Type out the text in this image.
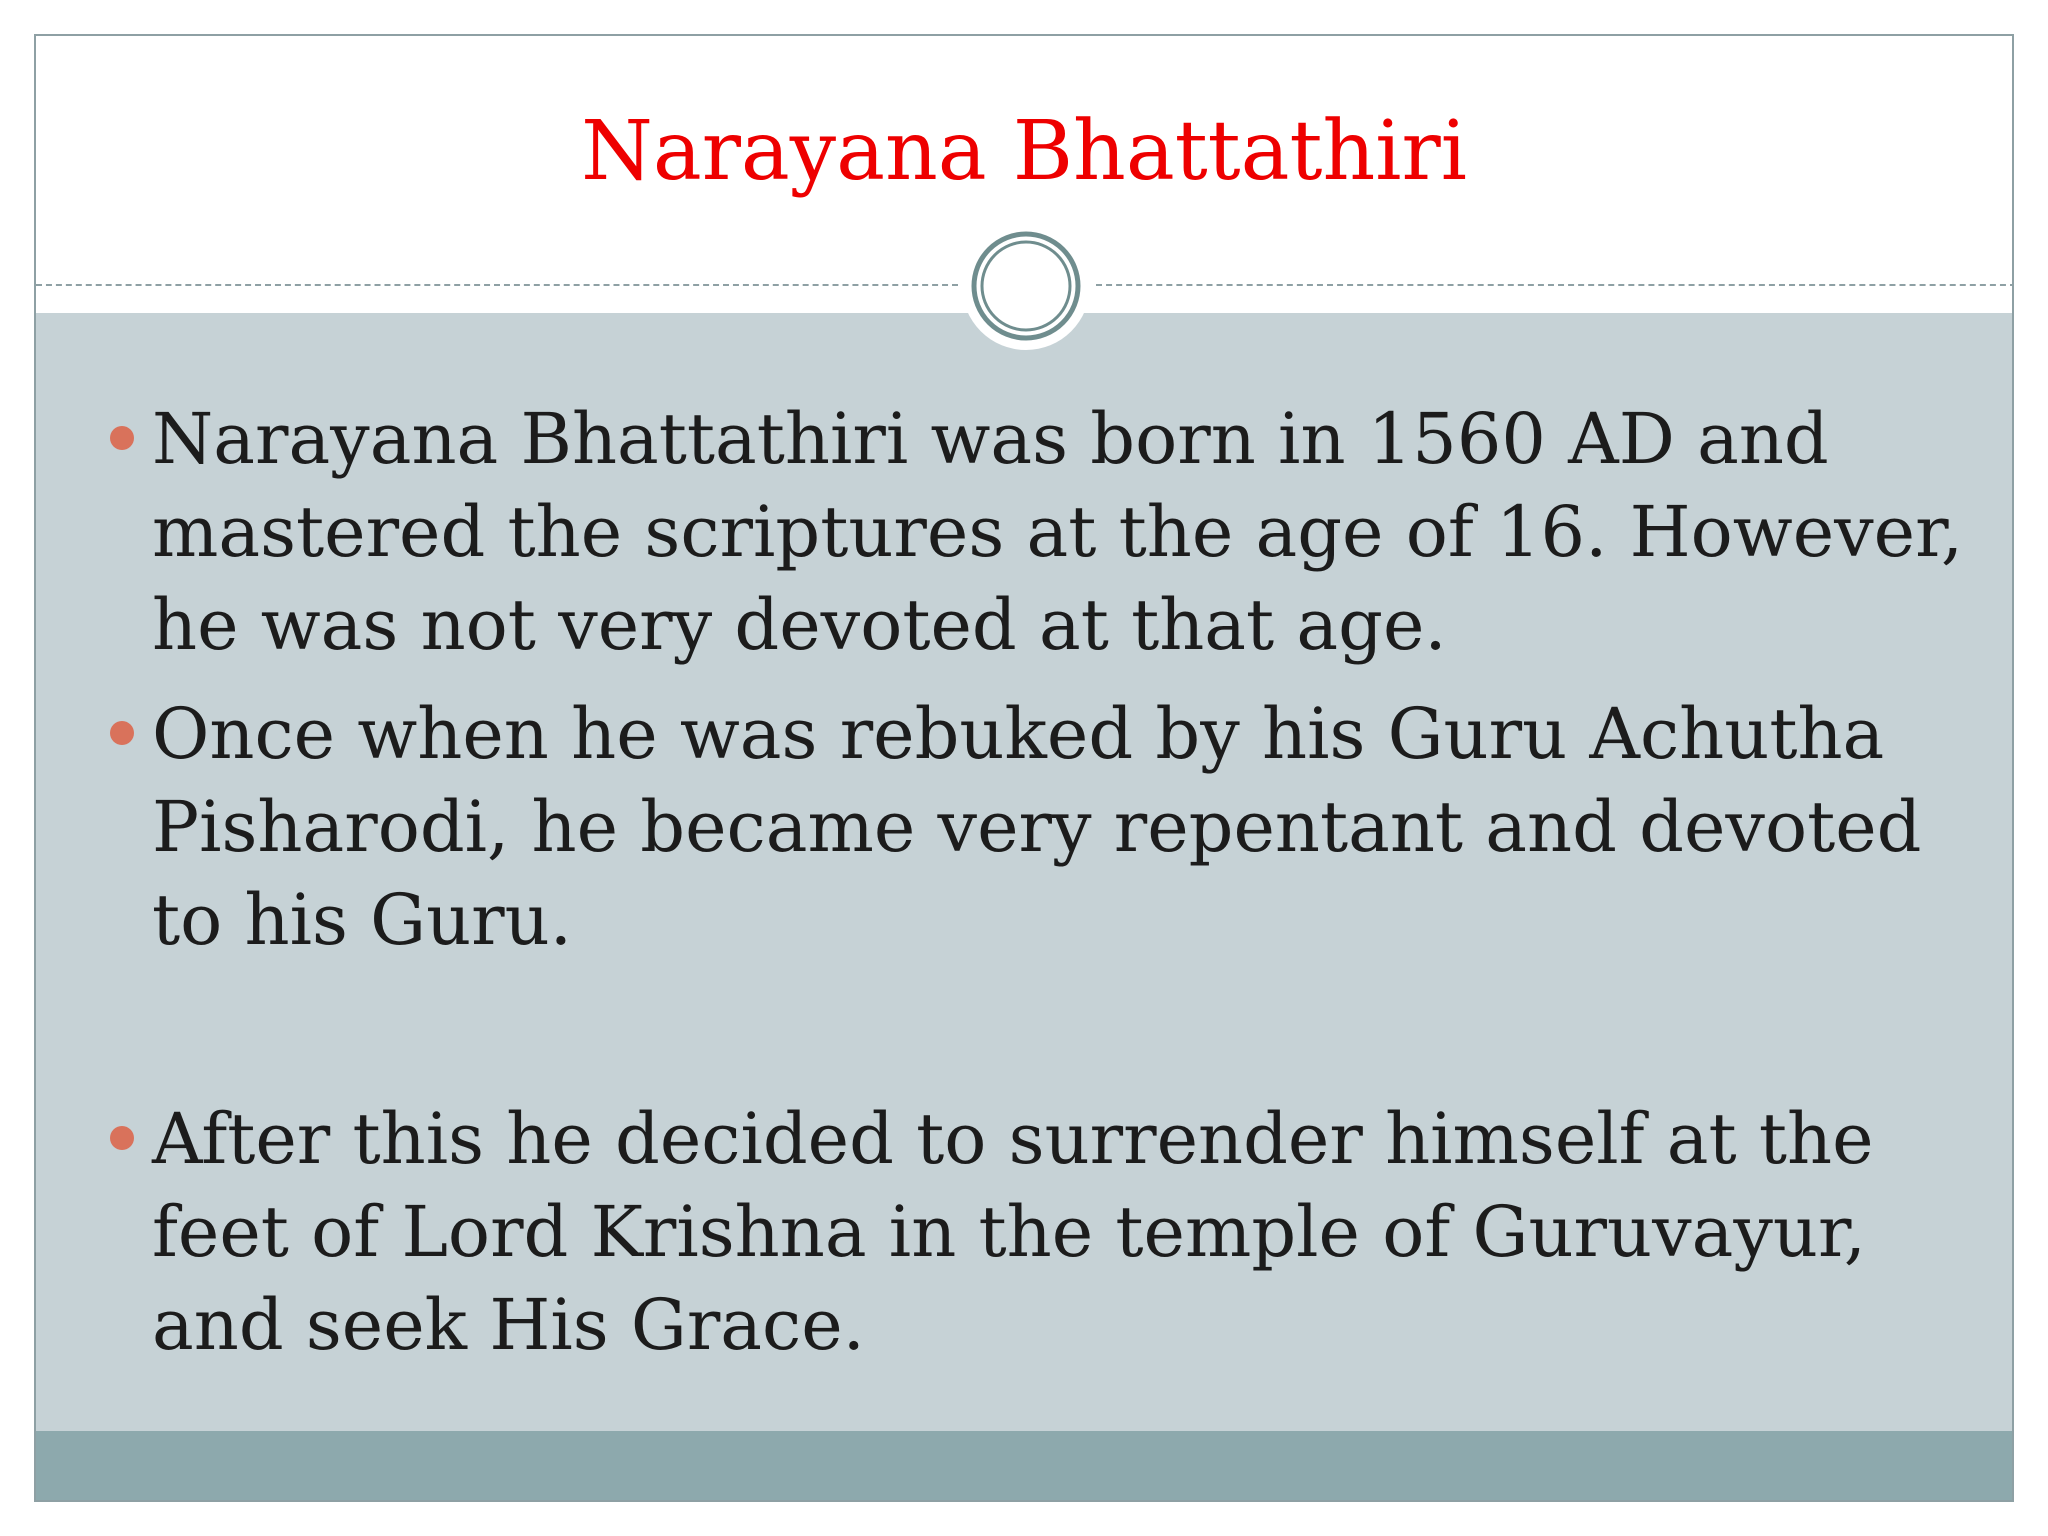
Narayana Bhattathiri
Narayana Bhattathiri was born in 1560 AD and mastered the scriptures at the age of 16. However, he was not very devoted at that age.
Once when he was rebuked by his Guru Achutha Pisharodi, he became very repentant and devoted to his Guru.
After this he decided to surrender himself at the feet of Lord Krishna in the temple of Guruvayur, and seek His Grace.
